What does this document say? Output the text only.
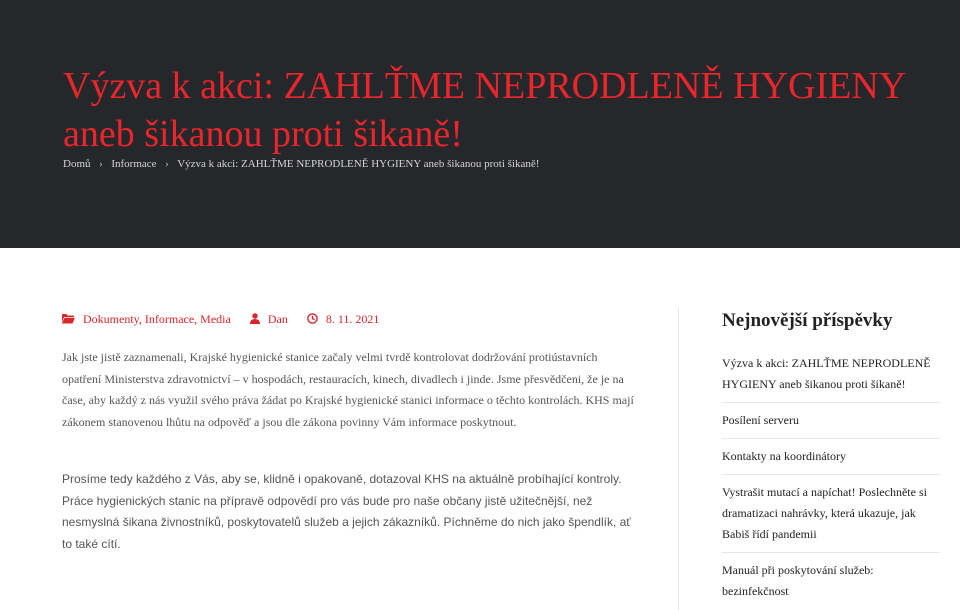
Výzva k akci: ZAHLŤME NEPRODLENĚ HYGIENY aneb šikanou proti šikaně!
Domů › Informace › Výzva k akci: ZAHLŤME NEPRODLENĚ HYGIENY aneb šikanou proti šikaně!
Dokumenty, Informace, Media	Dan	8. 11. 2021

Jak jste jistě zaznamenali, Krajské hygienické stanice začaly velmi tvrdě kontrolovat dodržování protiústavních opatření Ministerstva zdravotnictví – v hospodách, restauracích, kinech, divadlech i jinde. Jsme přesvědčeni, že je na čase, aby každý z nás využil svého práva žádat po Krajské hygienické stanici informace o těchto kontrolách. KHS mají zákonem stanovenou lhůtu na odpověď a jsou dle zákona povinny Vám informace poskytnout.

Prosíme tedy každého z Vás, aby se, klidně i opakovaně, dotazoval KHS na aktuálně probíhající kontroly. Práce hygienických stanic na přípravě odpovědí pro vás bude pro naše občany jistě užitečnější, než nesmyslná šikana živnostníků, poskytovatelů služeb a jejich zákazníků. Píchněme do nich jako špendlík, ať to také cítí.

Nejnovější příspěvky
Výzva k akci: ZAHLŤME NEPRODLENĚ HYGIENY aneb šikanou proti šikaně!
Posílení serveru
Kontakty na koordinátory
Vystrašit mutací a napíchat! Poslechněte si dramatizaci nahrávky, která ukazuje, jak Babiš řídí pandemii
Manuál při poskytování služeb: bezinfekčnost
